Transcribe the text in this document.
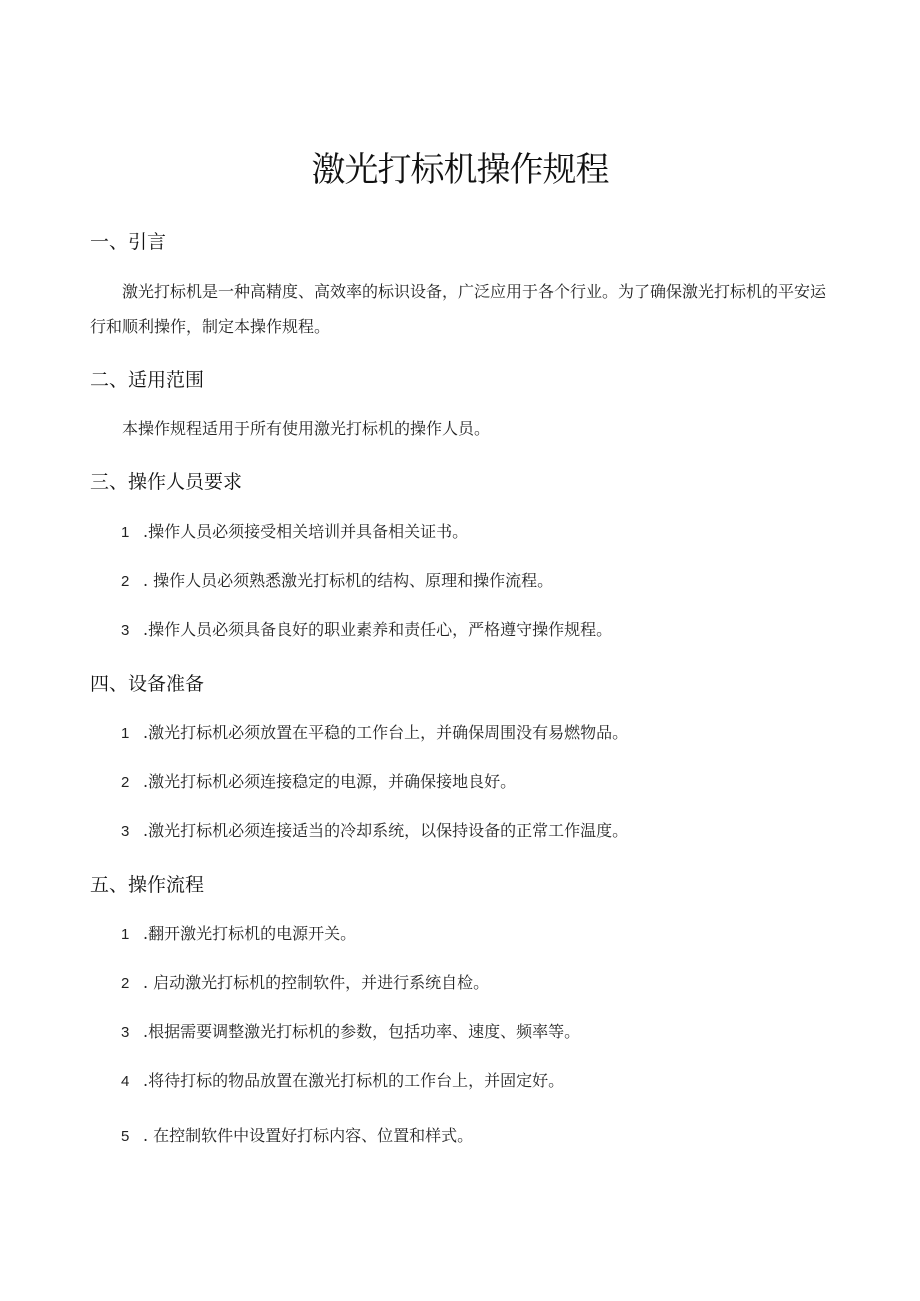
激光打标机操作规程
一、引言

激光打标机是一种高精度、高效率的标识设备，广泛应用于各个行业。为了确保激光打标机的平安运行和顺利操作，制定本操作规程。

二、适用范围

本操作规程适用于所有使用激光打标机的操作人员。

三、操作人员要求

1 .操作人员必须接受相关培训并具备相关证书。

2 . 操作人员必须熟悉激光打标机的结构、原理和操作流程。

3 .操作人员必须具备良好的职业素养和责任心，严格遵守操作规程。

四、设备准备

1 .激光打标机必须放置在平稳的工作台上，并确保周围没有易燃物品。

2 .激光打标机必须连接稳定的电源，并确保接地良好。

3 .激光打标机必须连接适当的冷却系统，以保持设备的正常工作温度。

五、操作流程

1 .翻开激光打标机的电源开关。

2 . 启动激光打标机的控制软件，并进行系统自检。

3 .根据需要调整激光打标机的参数，包括功率、速度、频率等。

4 .将待打标的物品放置在激光打标机的工作台上，并固定好。

5 . 在控制软件中设置好打标内容、位置和样式。
